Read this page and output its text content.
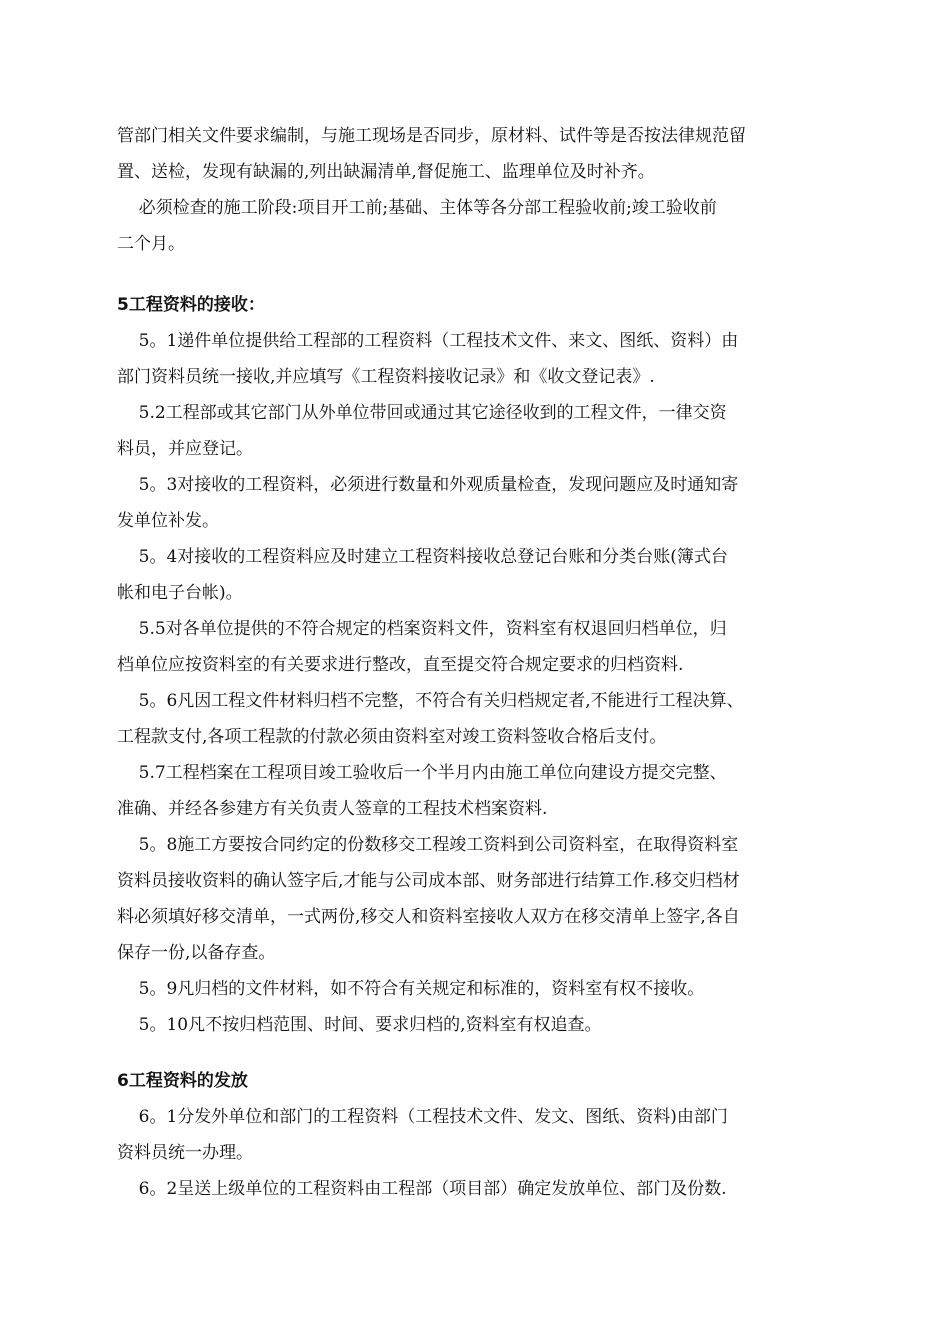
管部门相关文件要求编制，与施工现场是否同步，原材料、试件等是否按法律规范留

置、送检，发现有缺漏的,列出缺漏清单,督促施工、监理单位及时补齐。

必须检查的施工阶段:项目开工前;基础、主体等各分部工程验收前;竣工验收前

二个月。

5工程资料的接收：

5。1递件单位提供给工程部的工程资料（工程技术文件、来文、图纸、资料）由

部门资料员统一接收,并应填写《工程资料接收记录》和《收文登记表》.

5.2工程部或其它部门从外单位带回或通过其它途径收到的工程文件，一律交资

料员，并应登记。

5。3对接收的工程资料，必须进行数量和外观质量检查，发现问题应及时通知寄

发单位补发。

5。4对接收的工程资料应及时建立工程资料接收总登记台账和分类台账(簿式台

帐和电子台帐)。

5.5对各单位提供的不符合规定的档案资料文件，资料室有权退回归档单位，归

档单位应按资料室的有关要求进行整改，直至提交符合规定要求的归档资料.

5。6凡因工程文件材料归档不完整，不符合有关归档规定者,不能进行工程决算、

工程款支付,各项工程款的付款必须由资料室对竣工资料签收合格后支付。

5.7工程档案在工程项目竣工验收后一个半月内由施工单位向建设方提交完整、

准确、并经各参建方有关负责人签章的工程技术档案资料.

5。8施工方要按合同约定的份数移交工程竣工资料到公司资料室，在取得资料室

资料员接收资料的确认签字后,才能与公司成本部、财务部进行结算工作.移交归档材

料必须填好移交清单，一式两份,移交人和资料室接收人双方在移交清单上签字,各自

保存一份,以备存查。

5。9凡归档的文件材料，如不符合有关规定和标准的，资料室有权不接收。

5。10凡不按归档范围、时间、要求归档的,资料室有权追查。

6工程资料的发放

6。1分发外单位和部门的工程资料（工程技术文件、发文、图纸、资料)由部门

资料员统一办理。

6。2呈送上级单位的工程资料由工程部（项目部）确定发放单位、部门及份数.
